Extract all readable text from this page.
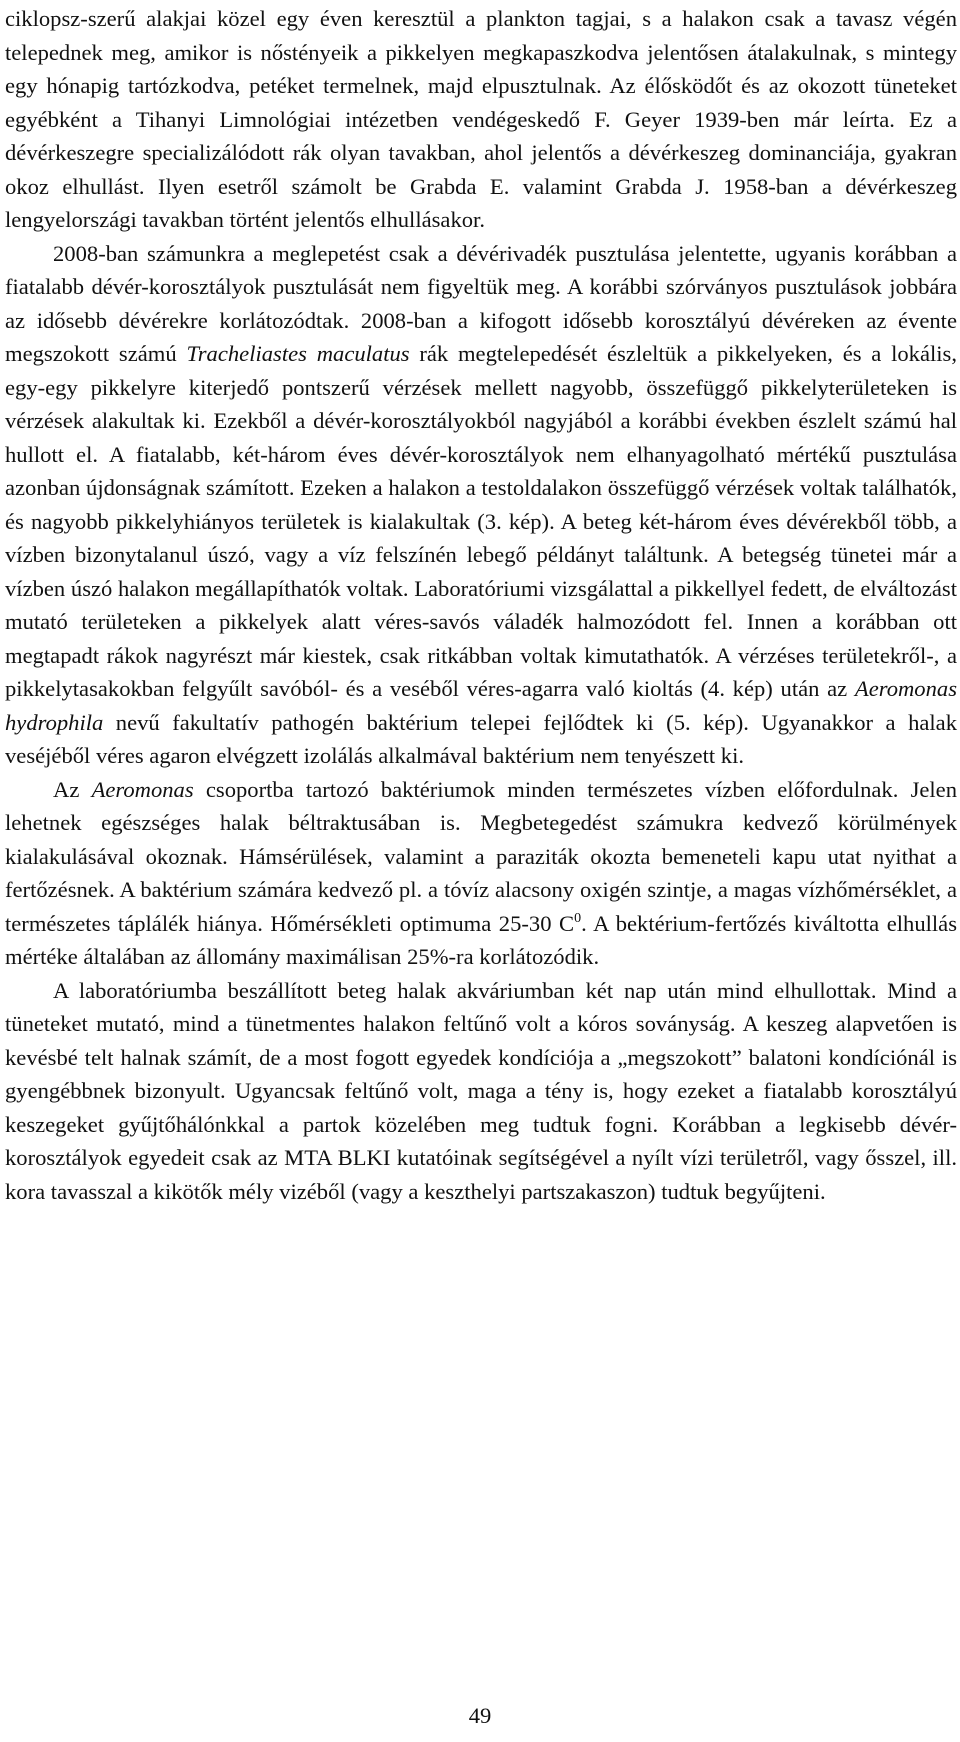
ciklopsz-szerű alakjai közel egy éven keresztül a plankton tagjai, s a halakon csak a tavasz végén telepednek meg, amikor is nőstényeik a pikkelyen megkapaszkodva jelentősen átalakulnak, s mintegy egy hónapig tartózkodva, petéket termelnek, majd elpusztulnak. Az élősködőt és az okozott tüneteket egyébként a Tihanyi Limnológiai intézetben vendégeskedő F. Geyer 1939-ben már leírta. Ez a dévérkeszegre specializálódott rák olyan tavakban, ahol jelentős a dévérkeszeg dominanciája, gyakran okoz elhullást. Ilyen esetről számolt be Grabda E. valamint Grabda J. 1958-ban a dévérkeszeg lengyelországi tavakban történt jelentős elhullásakor.

2008-ban számunkra a meglepetést csak a dévérivadék pusztulása jelentette, ugyanis korábban a fiatalabb dévér-korosztályok pusztulását nem figyeltük meg. A korábbi szórványos pusztulások jobbára az idősebb dévérekre korlátozódtak. 2008-ban a kifogott idősebb korosztályú dévéreken az évente megszokott számú Tracheliastes maculatus rák megtelepedését észleltük a pikkelyeken, és a lokális, egy-egy pikkelyre kiterjedő pontszerű vérzések mellett nagyobb, összefüggő pikkelyterületeken is vérzések alakultak ki. Ezekből a dévér-korosztályokból nagyjából a korábbi években észlelt számú hal hullott el. A fiatalabb, két-három éves dévér-korosztályok nem elhanyagolható mértékű pusztulása azonban újdonságnak számított. Ezeken a halakon a testoldalakon összefüggő vérzések voltak találhatók, és nagyobb pikkelyhiányos területek is kialakultak (3. kép). A beteg két-három éves dévérekből több, a vízben bizonytalanul úszó, vagy a víz felszínén lebegő példányt találtunk. A betegség tünetei már a vízben úszó halakon megállapíthatók voltak. Laboratóriumi vizsgálattal a pikkellyel fedett, de elváltozást mutató területeken a pikkelyek alatt véres-savós váladék halmozódott fel. Innen a korábban ott megtapadt rákok nagyrészt már kiestek, csak ritkábban voltak kimutathatók. A vérzéses területekről-, a pikkelytasakokban felgyűlt savóból- és a veséből véres-agarra való kioltás (4. kép) után az Aeromonas hydrophila nevű fakultatív pathogén baktérium telepei fejlődtek ki (5. kép). Ugyanakkor a halak veséjéből véres agaron elvégzett izolálás alkalmával baktérium nem tenyészett ki.

Az Aeromonas csoportba tartozó baktériumok minden természetes vízben előfordulnak. Jelen lehetnek egészséges halak béltraktusában is. Megbetegedést számukra kedvező körülmények kialakulásával okoznak. Hámsérülések, valamint a paraziták okozta bemeneteli kapu utat nyithat a fertőzésnek. A baktérium számára kedvező pl. a tóvíz alacsony oxigén szintje, a magas vízhőmérséklet, a természetes táplálék hiánya. Hőmérsékleti optimuma 25-30 $C^0$. A bektérium-fertőzés kiváltotta elhullás mértéke általában az állomány maximálisan 25%-ra korlátozódik.

A laboratóriumba beszállított beteg halak akváriumban két nap után mind elhullottak. Mind a tüneteket mutató, mind a tünetmentes halakon feltűnő volt a kóros soványság. A keszeg alapvetően is kevésbé telt halnak számít, de a most fogott egyedek kondíciója a „megszokott” balatoni kondíciónál is gyengébbnek bizonyult. Ugyancsak feltűnő volt, maga a tény is, hogy ezeket a fiatalabb korosztályú keszegeket gyűjtőhálónkkal a partok közelében meg tudtuk fogni. Korábban a legkisebb dévér-korosztályok egyedeit csak az MTA BLKI kutatóinak segítségével a nyílt vízi területről, vagy ősszel, ill. kora tavasszal a kikötők mély vizéből (vagy a keszthelyi partszakaszon) tudtuk begyűjteni.

49
